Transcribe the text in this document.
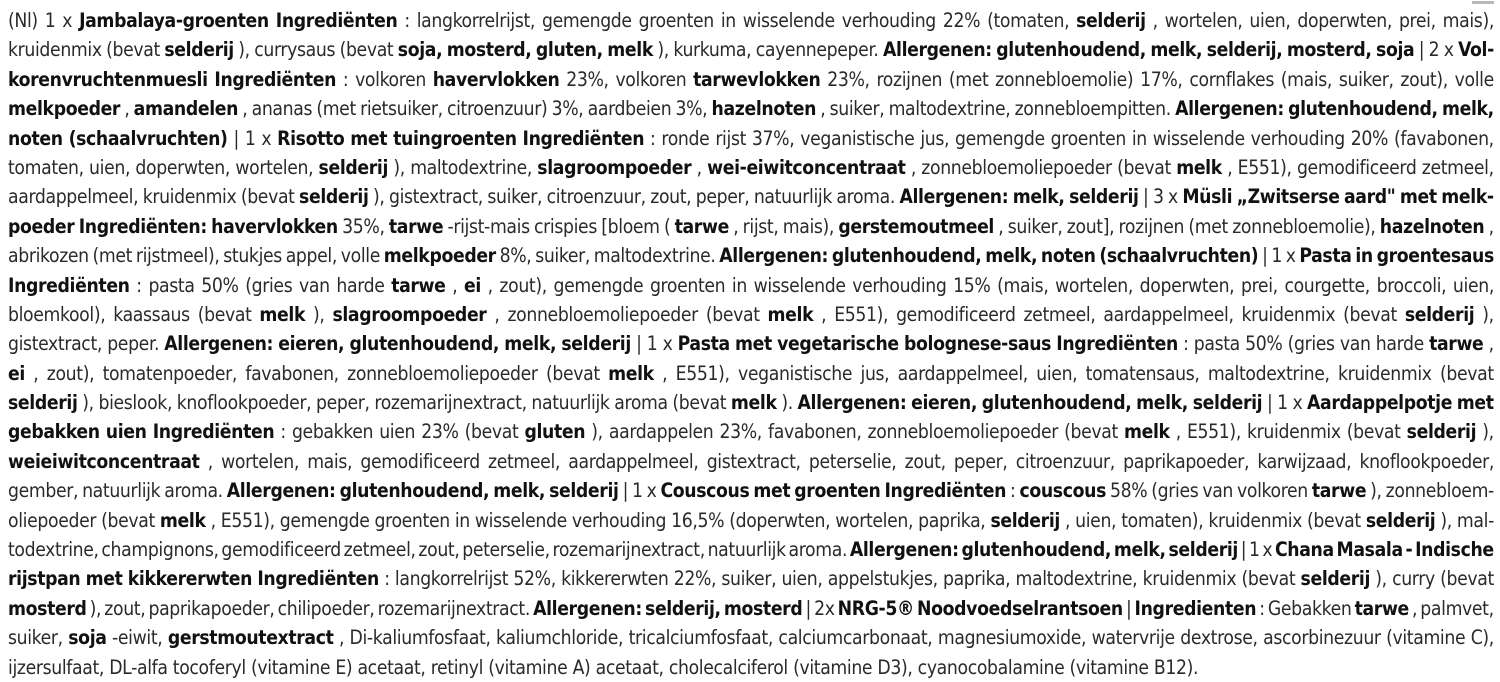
(Nl) 1 x Jambalaya-groenten Ingrediënten : langkorrelrijst, gemengde groenten in wisselende verhouding 22% (tomaten, selderij , wortelen, uien, doperwten, prei, mais),
kruidenmix (bevat selderij ), currysaus (bevat soja, mosterd, gluten, melk ), kurkuma, cayennepeper. Allergenen: glutenhoudend, melk, selderij, mosterd, soja | 2 x Vol-
korenvruchtenmuesli Ingrediënten : volkoren havervlokken 23%, volkoren tarwevlokken 23%, rozijnen (met zonnebloemolie) 17%, cornflakes (mais, suiker, zout), volle
melkpoeder , amandelen , ananas (met rietsuiker, citroenzuur) 3%, aardbeien 3%, hazelnoten , suiker, maltodextrine, zonnebloempitten. Allergenen: glutenhoudend, melk,
noten (schaalvruchten) | 1 x Risotto met tuingroenten Ingrediënten : ronde rijst 37%, veganistische jus, gemengde groenten in wisselende verhouding 20% (favabonen,
tomaten, uien, doperwten, wortelen, selderij ), maltodextrine, slagroompoeder , wei-eiwitconcentraat , zonnebloemoliepoeder (bevat melk , E551), gemodificeerd zetmeel,
aardappelmeel, kruidenmix (bevat selderij ), gistextract, suiker, citroenzuur, zout, peper, natuurlijk aroma. Allergenen: melk, selderij | 3 x Müsli „Zwitserse aard" met melk-
poeder Ingrediënten: havervlokken 35%, tarwe -rijst-mais crispies [bloem ( tarwe , rijst, mais), gerstemoutmeel , suiker, zout], rozijnen (met zonnebloemolie), hazelnoten ,
abrikozen (met rijstmeel), stukjes appel, volle melkpoeder 8%, suiker, maltodextrine. Allergenen: glutenhoudend, melk, noten (schaalvruchten) | 1 x Pasta in groentesaus
Ingrediënten : pasta 50% (gries van harde tarwe , ei , zout), gemengde groenten in wisselende verhouding 15% (mais, wortelen, doperwten, prei, courgette, broccoli, uien,
bloemkool), kaassaus (bevat melk ), slagroompoeder , zonnebloemoliepoeder (bevat melk , E551), gemodificeerd zetmeel, aardappelmeel, kruidenmix (bevat selderij ),
gistextract, peper. Allergenen: eieren, glutenhoudend, melk, selderij | 1 x Pasta met vegetarische bolognese-saus Ingrediënten : pasta 50% (gries van harde tarwe ,
ei , zout), tomatenpoeder, favabonen, zonnebloemoliepoeder (bevat melk , E551), veganistische jus, aardappelmeel, uien, tomatensaus, maltodextrine, kruidenmix (bevat
selderij ), bieslook, knoflookpoeder, peper, rozemarijnextract, natuurlijk aroma (bevat melk ). Allergenen: eieren, glutenhoudend, melk, selderij | 1 x Aardappelpotje met
gebakken uien Ingrediënten : gebakken uien 23% (bevat gluten ), aardappelen 23%, favabonen, zonnebloemoliepoeder (bevat melk , E551), kruidenmix (bevat selderij ),
weieiwitconcentraat , wortelen, mais, gemodificeerd zetmeel, aardappelmeel, gistextract, peterselie, zout, peper, citroenzuur, paprikapoeder, karwijzaad, knoflookpoeder,
gember, natuurlijk aroma. Allergenen: glutenhoudend, melk, selderij | 1 x Couscous met groenten Ingrediënten : couscous 58% (gries van volkoren tarwe ), zonnebloem-
oliepoeder (bevat melk , E551), gemengde groenten in wisselende verhouding 16,5% (doperwten, wortelen, paprika, selderij , uien, tomaten), kruidenmix (bevat selderij ), mal-
todextrine, champignons, gemodificeerd zetmeel, zout, peterselie, rozemarijnextract, natuurlijk aroma. Allergenen: glutenhoudend, melk, selderij | 1 x Chana Masala - Indische
rijstpan met kikkererwten Ingrediënten : langkorrelrijst 52%, kikkererwten 22%, suiker, uien, appelstukjes, paprika, maltodextrine, kruidenmix (bevat selderij ), curry (bevat
mosterd ), zout, paprikapoeder, chilipoeder, rozemarijnextract. Allergenen: selderij, mosterd | 2x NRG-5® Noodvoedselrantsoen | Ingredienten : Gebakken tarwe , palmvet,
suiker, soja -eiwit, gerstmoutextract , Di-kaliumfosfaat, kaliumchloride, tricalciumfosfaat, calciumcarbonaat, magnesiumoxide, watervrije dextrose, ascorbinezuur (vitamine C),
ijzersulfaat, DL-alfa tocoferyl (vitamine E) acetaat, retinyl (vitamine A) acetaat, cholecalciferol (vitamine D3), cyanocobalamine (vitamine B12).
